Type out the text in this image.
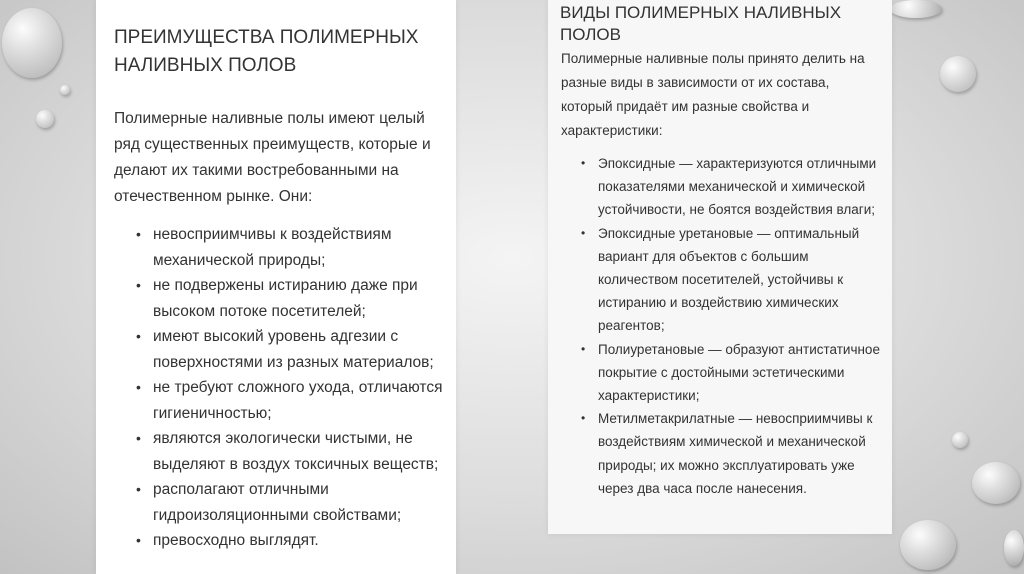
ПРЕИМУЩЕСТВА ПОЛИМЕРНЫХ НАЛИВНЫХ ПОЛОВ

Полимерные наливные полы имеют целый ряд существенных преимуществ, которые и делают их такими востребованными на отечественном рынке. Они:

• невосприимчивы к воздействиям механической природы;
• не подвержены истиранию даже при высоком потоке посетителей;
• имеют высокий уровень адгезии с поверхностями из разных материалов;
• не требуют сложного ухода, отличаются гигиеничностью;
• являются экологически чистыми, не выделяют в воздух токсичных веществ;
• располагают отличными гидроизоляционными свойствами;
• превосходно выглядят.
ВИДЫ ПОЛИМЕРНЫХ НАЛИВНЫХ ПОЛОВ

Полимерные наливные полы принято делить на разные виды в зависимости от их состава, который придаёт им разные свойства и характеристики:

• Эпоксидные — характеризуются отличными показателями механической и химической устойчивости, не боятся воздействия влаги;
• Эпоксидные уретановые — оптимальный вариант для объектов с большим количеством посетителей, устойчивы к истиранию и воздействию химических реагентов;
• Полиуретановые — образуют антистатичное покрытие с достойными эстетическими характеристики;
• Метилметакрилатные — невосприимчивы к воздействиям химической и механической природы; их можно эксплуатировать уже через два часа после нанесения.
